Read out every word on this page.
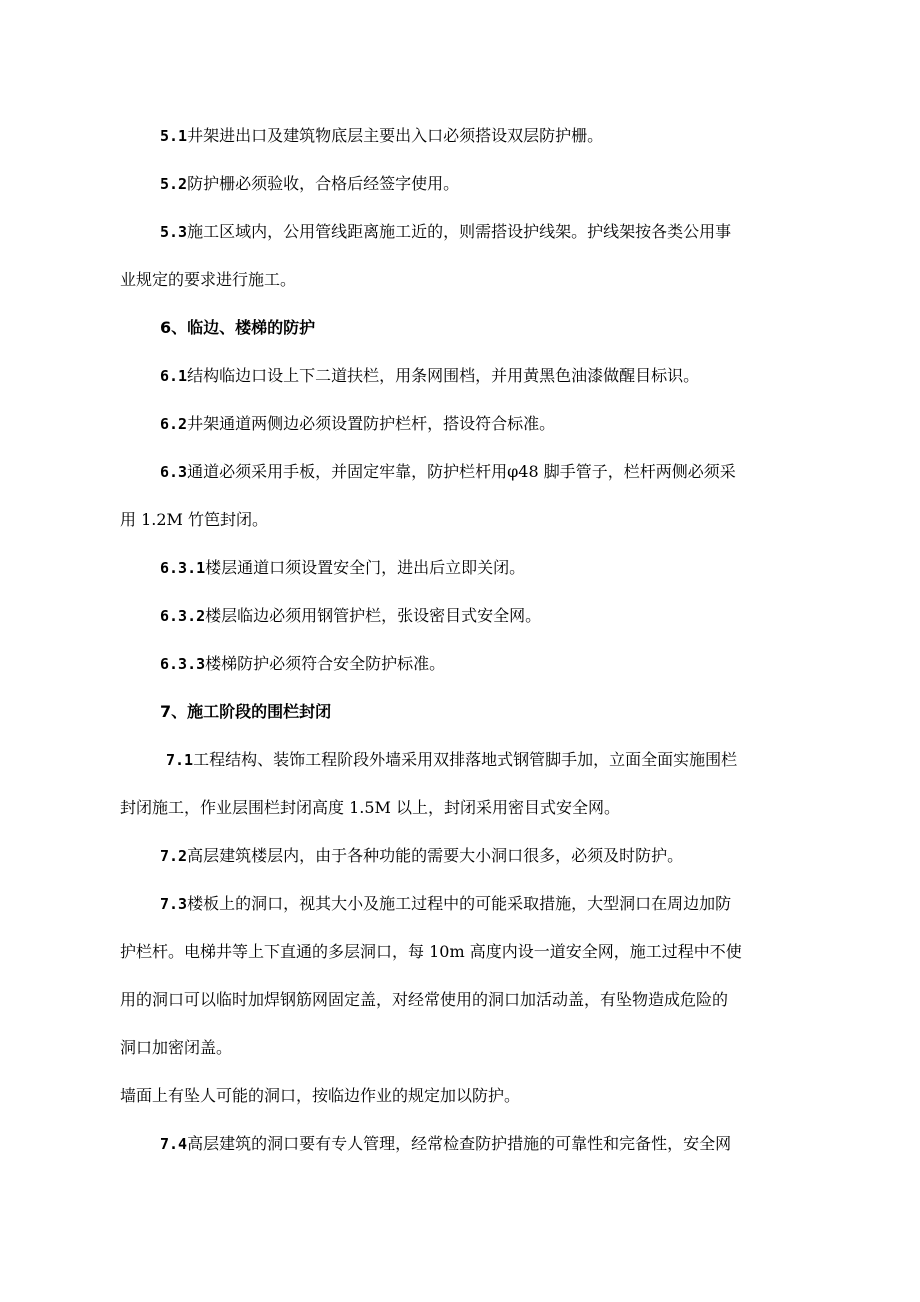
5.1井架进出口及建筑物底层主要出入口必须搭设双层防护栅。
5.2防护栅必须验收，合格后经签字使用。
5.3施工区域内，公用管线距离施工近的，则需搭设护线架。护线架按各类公用事
业规定的要求进行施工。
6、临边、楼梯的防护
6.1结构临边口设上下二道扶栏，用条网围档，并用黄黑色油漆做醒目标识。
6.2井架通道两侧边必须设置防护栏杆，搭设符合标准。
6.3通道必须采用手板，并固定牢靠，防护栏杆用φ48 脚手管子，栏杆两侧必须采
用 1.2M 竹笆封闭。
6.3.1楼层通道口须设置安全门，进出后立即关闭。
6.3.2楼层临边必须用钢管护栏，张设密目式安全网。
6.3.3楼梯防护必须符合安全防护标准。
7、施工阶段的围栏封闭
7.1工程结构、装饰工程阶段外墙采用双排落地式钢管脚手加，立面全面实施围栏
封闭施工，作业层围栏封闭高度 1.5M 以上，封闭采用密目式安全网。
7.2高层建筑楼层内，由于各种功能的需要大小洞口很多，必须及时防护。
7.3楼板上的洞口，视其大小及施工过程中的可能采取措施，大型洞口在周边加防
护栏杆。电梯井等上下直通的多层洞口，每 10m 高度内设一道安全网，施工过程中不使
用的洞口可以临时加焊钢筋网固定盖，对经常使用的洞口加活动盖，有坠物造成危险的
洞口加密闭盖。
墙面上有坠人可能的洞口，按临边作业的规定加以防护。
7.4高层建筑的洞口要有专人管理，经常检查防护措施的可靠性和完备性，安全网
